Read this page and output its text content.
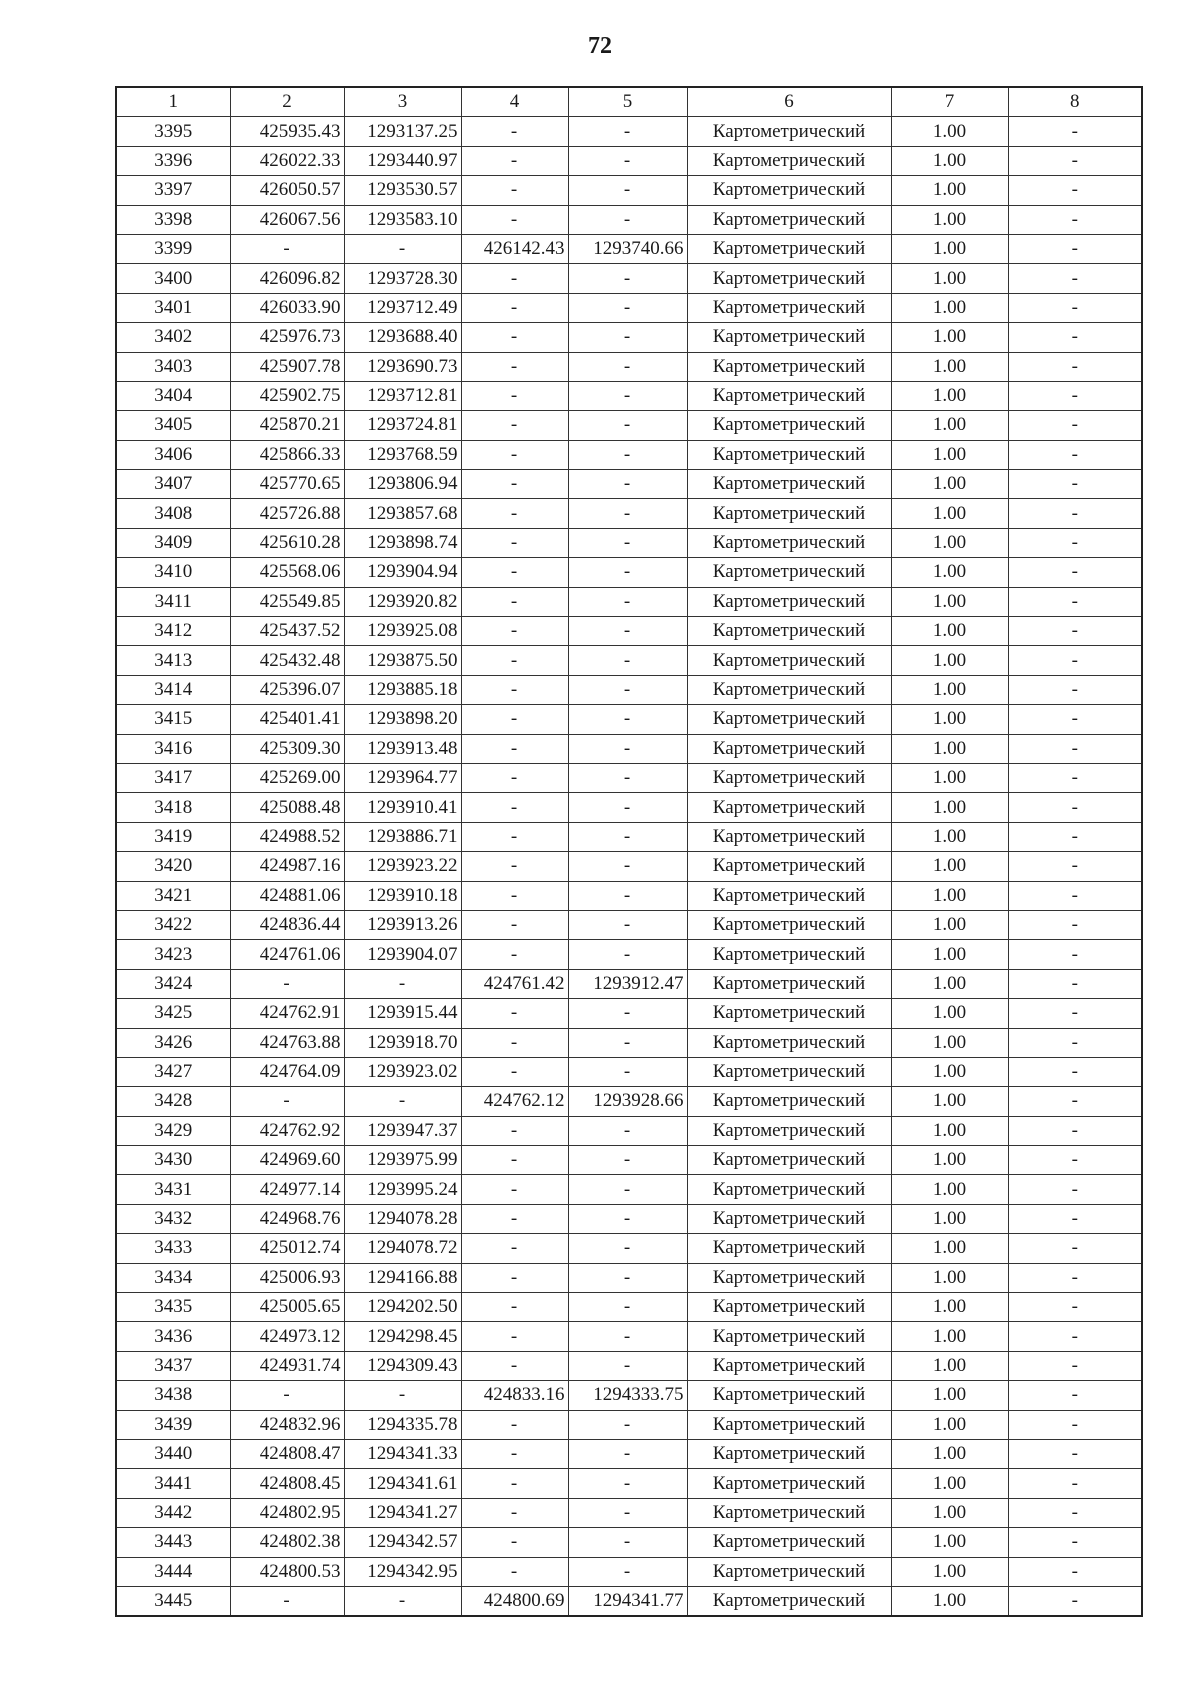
72
1	2	3	4	5	6	7	8
3395	425935.43	1293137.25	-	-	Картометрический	1.00	-
3396	426022.33	1293440.97	-	-	Картометрический	1.00	-
3397	426050.57	1293530.57	-	-	Картометрический	1.00	-
3398	426067.56	1293583.10	-	-	Картометрический	1.00	-
3399	-	-	426142.43	1293740.66	Картометрический	1.00	-
3400	426096.82	1293728.30	-	-	Картометрический	1.00	-
3401	426033.90	1293712.49	-	-	Картометрический	1.00	-
3402	425976.73	1293688.40	-	-	Картометрический	1.00	-
3403	425907.78	1293690.73	-	-	Картометрический	1.00	-
3404	425902.75	1293712.81	-	-	Картометрический	1.00	-
3405	425870.21	1293724.81	-	-	Картометрический	1.00	-
3406	425866.33	1293768.59	-	-	Картометрический	1.00	-
3407	425770.65	1293806.94	-	-	Картометрический	1.00	-
3408	425726.88	1293857.68	-	-	Картометрический	1.00	-
3409	425610.28	1293898.74	-	-	Картометрический	1.00	-
3410	425568.06	1293904.94	-	-	Картометрический	1.00	-
3411	425549.85	1293920.82	-	-	Картометрический	1.00	-
3412	425437.52	1293925.08	-	-	Картометрический	1.00	-
3413	425432.48	1293875.50	-	-	Картометрический	1.00	-
3414	425396.07	1293885.18	-	-	Картометрический	1.00	-
3415	425401.41	1293898.20	-	-	Картометрический	1.00	-
3416	425309.30	1293913.48	-	-	Картометрический	1.00	-
3417	425269.00	1293964.77	-	-	Картометрический	1.00	-
3418	425088.48	1293910.41	-	-	Картометрический	1.00	-
3419	424988.52	1293886.71	-	-	Картометрический	1.00	-
3420	424987.16	1293923.22	-	-	Картометрический	1.00	-
3421	424881.06	1293910.18	-	-	Картометрический	1.00	-
3422	424836.44	1293913.26	-	-	Картометрический	1.00	-
3423	424761.06	1293904.07	-	-	Картометрический	1.00	-
3424	-	-	424761.42	1293912.47	Картометрический	1.00	-
3425	424762.91	1293915.44	-	-	Картометрический	1.00	-
3426	424763.88	1293918.70	-	-	Картометрический	1.00	-
3427	424764.09	1293923.02	-	-	Картометрический	1.00	-
3428	-	-	424762.12	1293928.66	Картометрический	1.00	-
3429	424762.92	1293947.37	-	-	Картометрический	1.00	-
3430	424969.60	1293975.99	-	-	Картометрический	1.00	-
3431	424977.14	1293995.24	-	-	Картометрический	1.00	-
3432	424968.76	1294078.28	-	-	Картометрический	1.00	-
3433	425012.74	1294078.72	-	-	Картометрический	1.00	-
3434	425006.93	1294166.88	-	-	Картометрический	1.00	-
3435	425005.65	1294202.50	-	-	Картометрический	1.00	-
3436	424973.12	1294298.45	-	-	Картометрический	1.00	-
3437	424931.74	1294309.43	-	-	Картометрический	1.00	-
3438	-	-	424833.16	1294333.75	Картометрический	1.00	-
3439	424832.96	1294335.78	-	-	Картометрический	1.00	-
3440	424808.47	1294341.33	-	-	Картометрический	1.00	-
3441	424808.45	1294341.61	-	-	Картометрический	1.00	-
3442	424802.95	1294341.27	-	-	Картометрический	1.00	-
3443	424802.38	1294342.57	-	-	Картометрический	1.00	-
3444	424800.53	1294342.95	-	-	Картометрический	1.00	-
3445	-	-	424800.69	1294341.77	Картометрический	1.00	-
